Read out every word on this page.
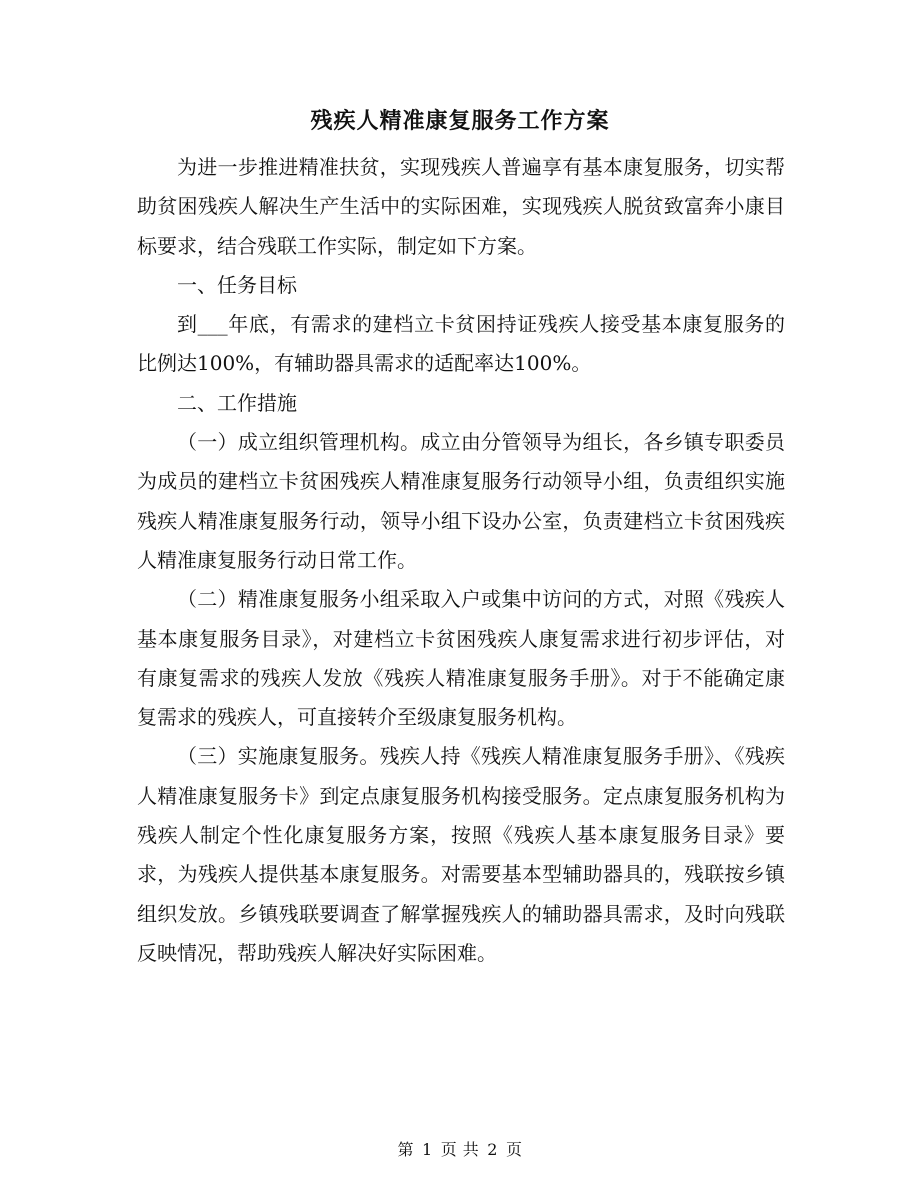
残疾人精准康复服务工作方案

为进一步推进精准扶贫，实现残疾人普遍享有基本康复服务，切实帮助贫困残疾人解决生产生活中的实际困难，实现残疾人脱贫致富奔小康目标要求，结合残联工作实际，制定如下方案。

一、任务目标

到___年底，有需求的建档立卡贫困持证残疾人接受基本康复服务的比例达100%，有辅助器具需求的适配率达100%。

二、工作措施

（一）成立组织管理机构。成立由分管领导为组长，各乡镇专职委员为成员的建档立卡贫困残疾人精准康复服务行动领导小组，负责组织实施残疾人精准康复服务行动，领导小组下设办公室，负责建档立卡贫困残疾人精准康复服务行动日常工作。

（二）精准康复服务小组采取入户或集中访问的方式，对照《残疾人基本康复服务目录》，对建档立卡贫困残疾人康复需求进行初步评估，对有康复需求的残疾人发放《残疾人精准康复服务手册》。对于不能确定康复需求的残疾人，可直接转介至级康复服务机构。

（三）实施康复服务。残疾人持《残疾人精准康复服务手册》、《残疾人精准康复服务卡》到定点康复服务机构接受服务。定点康复服务机构为残疾人制定个性化康复服务方案，按照《残疾人基本康复服务目录》要求，为残疾人提供基本康复服务。对需要基本型辅助器具的，残联按乡镇组织发放。乡镇残联要调查了解掌握残疾人的辅助器具需求，及时向残联反映情况，帮助残疾人解决好实际困难。

第 1 页 共 2 页
